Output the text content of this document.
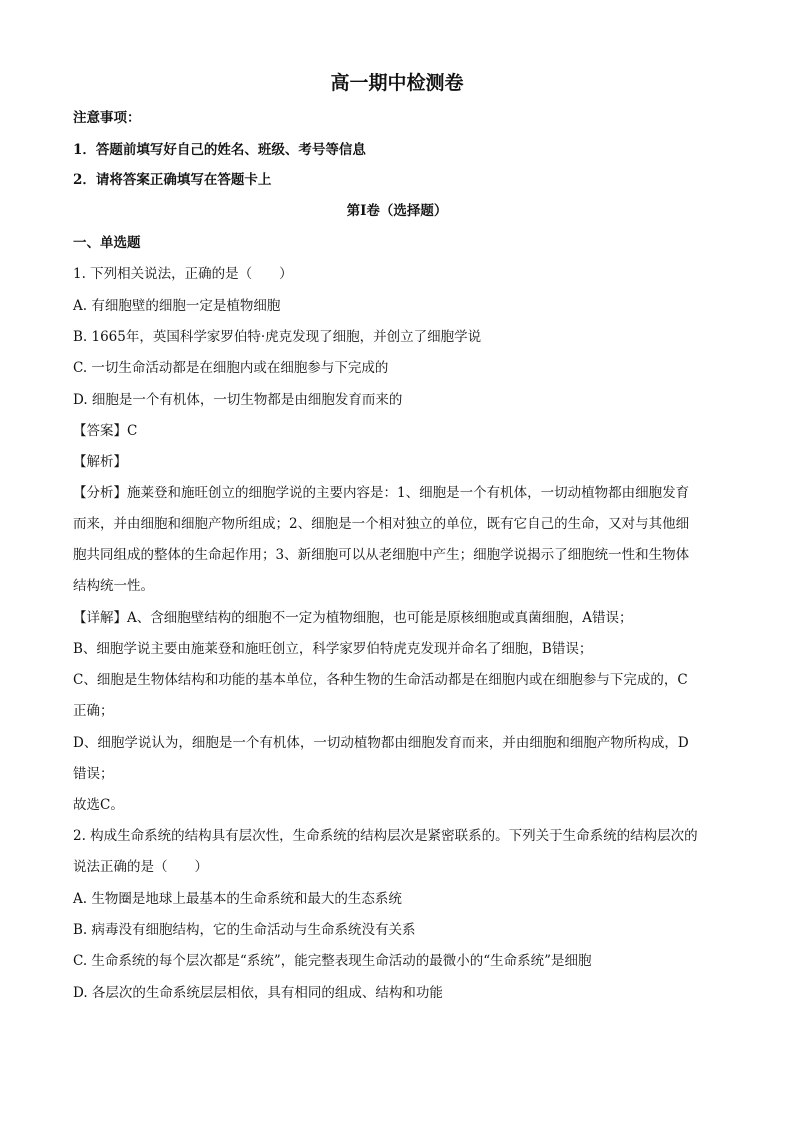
高一期中检测卷
注意事项：
1．答题前填写好自己的姓名、班级、考号等信息
2．请将答案正确填写在答题卡上
第I卷（选择题）
一、单选题
1. 下列相关说法，正确的是（　　）
A. 有细胞壁的细胞一定是植物细胞
B. 1665年，英国科学家罗伯特·虎克发现了细胞，并创立了细胞学说
C. 一切生命活动都是在细胞内或在细胞参与下完成的
D. 细胞是一个有机体，一切生物都是由细胞发育而来的
【答案】C
【解析】
【分析】施莱登和施旺创立的细胞学说的主要内容是：1、细胞是一个有机体，一切动植物都由细胞发育
而来，并由细胞和细胞产物所组成；2、细胞是一个相对独立的单位，既有它自己的生命，又对与其他细
胞共同组成的整体的生命起作用；3、新细胞可以从老细胞中产生；细胞学说揭示了细胞统一性和生物体
结构统一性。
【详解】A、含细胞壁结构的细胞不一定为植物细胞，也可能是原核细胞或真菌细胞，A错误；
B、细胞学说主要由施莱登和施旺创立，科学家罗伯特虎克发现并命名了细胞，B错误；
C、细胞是生物体结构和功能的基本单位，各种生物的生命活动都是在细胞内或在细胞参与下完成的，C
正确；
D、细胞学说认为，细胞是一个有机体，一切动植物都由细胞发育而来，并由细胞和细胞产物所构成，D
错误；
故选C。
2. 构成生命系统的结构具有层次性，生命系统的结构层次是紧密联系的。下列关于生命系统的结构层次的
说法正确的是（　　）
A. 生物圈是地球上最基本的生命系统和最大的生态系统
B. 病毒没有细胞结构，它的生命活动与生命系统没有关系
C. 生命系统的每个层次都是“系统”，能完整表现生命活动的最微小的“生命系统”是细胞
D. 各层次的生命系统层层相依，具有相同的组成、结构和功能
